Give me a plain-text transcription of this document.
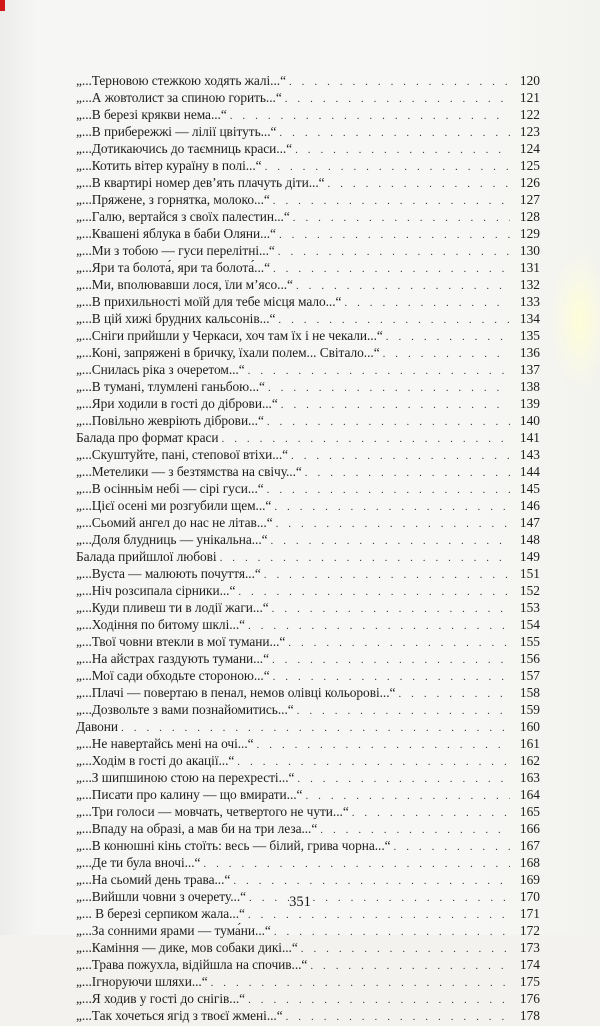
„...Терновою стежкою ходять жалі...“ . . .	120
„...А жовтолист за спиною горить...“ . . .	121
„...В березі крякви нема...“ . . .	122
„...В прибережжі — лілії цвітуть...“ . . .	123
„...Дотикаючись до таємниць краси...“ . . .	124
„...Котить вітер кураїну в полі...“ . . .	125
„...В квартирі номер дев’ять плачуть діти...“ . . .	126
„...Пряжене, з горнятка, молоко...“ . . .	127
„...Галю, вертайся з своїх палестин...“ . . .	128
„...Квашені яблука в баби Оляни...“ . . .	129
„...Ми з тобою — гуси перелітні...“ . . .	130
„...Яри та болота́, яри та болота́...“ . . .	131
„...Ми, вполювавши лося, їли м’ясо...“ . . .	132
„...В прихильності моїй для тебе місця мало...“ . . .	133
„...В цій хижі брудних кальсонів...“ . . .	134
„...Сніги прийшли у Черкаси, хоч там їх і не чекали...“ . . .	135
„...Коні, запряжені в бричку, їхали полем... Світало...“ . . .	136
„...Снилась ріка з очеретом...“ . . .	137
„...В тумані, тлумлені ганьбою...“ . . .	138
„...Яри ходили в гості до діброви...“ . . .	139
„...Повільно жевріють діброви...“ . . .	140
Балада про формат краси . . .	141
„...Скуштуйте, пані, степової втіхи...“ . . .	143
„...Метелики — з безтямства на свічу...“ . . .	144
„...В осінньім небі — сірі гуси...“ . . .	145
„...Цієї осені ми розгубили щем...“ . . .	146
„...Сьомий ангел до нас не літав...“ . . .	147
„...Доля блудниць — унікальна...“ . . .	148
Балада прийшлої любові . . .	149
„...Вуста — малюють почуття...“ . . .	151
„...Ніч розсипала сірники...“ . . .	152
„...Куди пливеш ти в лодії жаги...“ . . .	153
„...Ходіння по битому шклі...“ . . .	154
„...Твої човни втекли в мої тумани...“ . . .	155
„...На айстрах газдують тумани...“ . . .	156
„...Мої сади обходьте стороною...“ . . .	157
„...Плачі — повертаю в пенал, немов олівці кольорові...“ . . .	158
„...Дозвольте з вами познайомитись...“ . . .	159
Давони . . .	160
„...Не навертайсь мені на очі...“ . . .	161
„...Ходім в гості до акації...“ . . .	162
„...З шипшиною стою на перехресті...“ . . .	163
„...Писати про калину — що вмирати...“ . . .	164
„...Три голоси — мовчать, четвертого не чути...“ . . .	165
„...Впаду на образі, а мав би на три леза...“ . . .	166
„...В конюшні кінь стоїть: весь — білий, грива чорна...“ . . .	167
„...Де ти була вночі...“ . . .	168
„...На сьомий день трава...“ . . .	169
„...Вийшли човни з очерету...“ . . .	170
„... В березі серпиком жала...“ . . .	171
„...За сонними ярами — тума́ни...“ . . .	172
„...Каміння — дике, мов собаки дикі...“ . . .	173
„...Трава пожухла, відійшла на спочив...“ . . .	174
„...Ігноруючи шляхи...“ . . .	175
„...Я ходив у гості до снігів...“ . . .	176
„...Так хочеться ягід з твоєї жмені...“ . . .	178
351
